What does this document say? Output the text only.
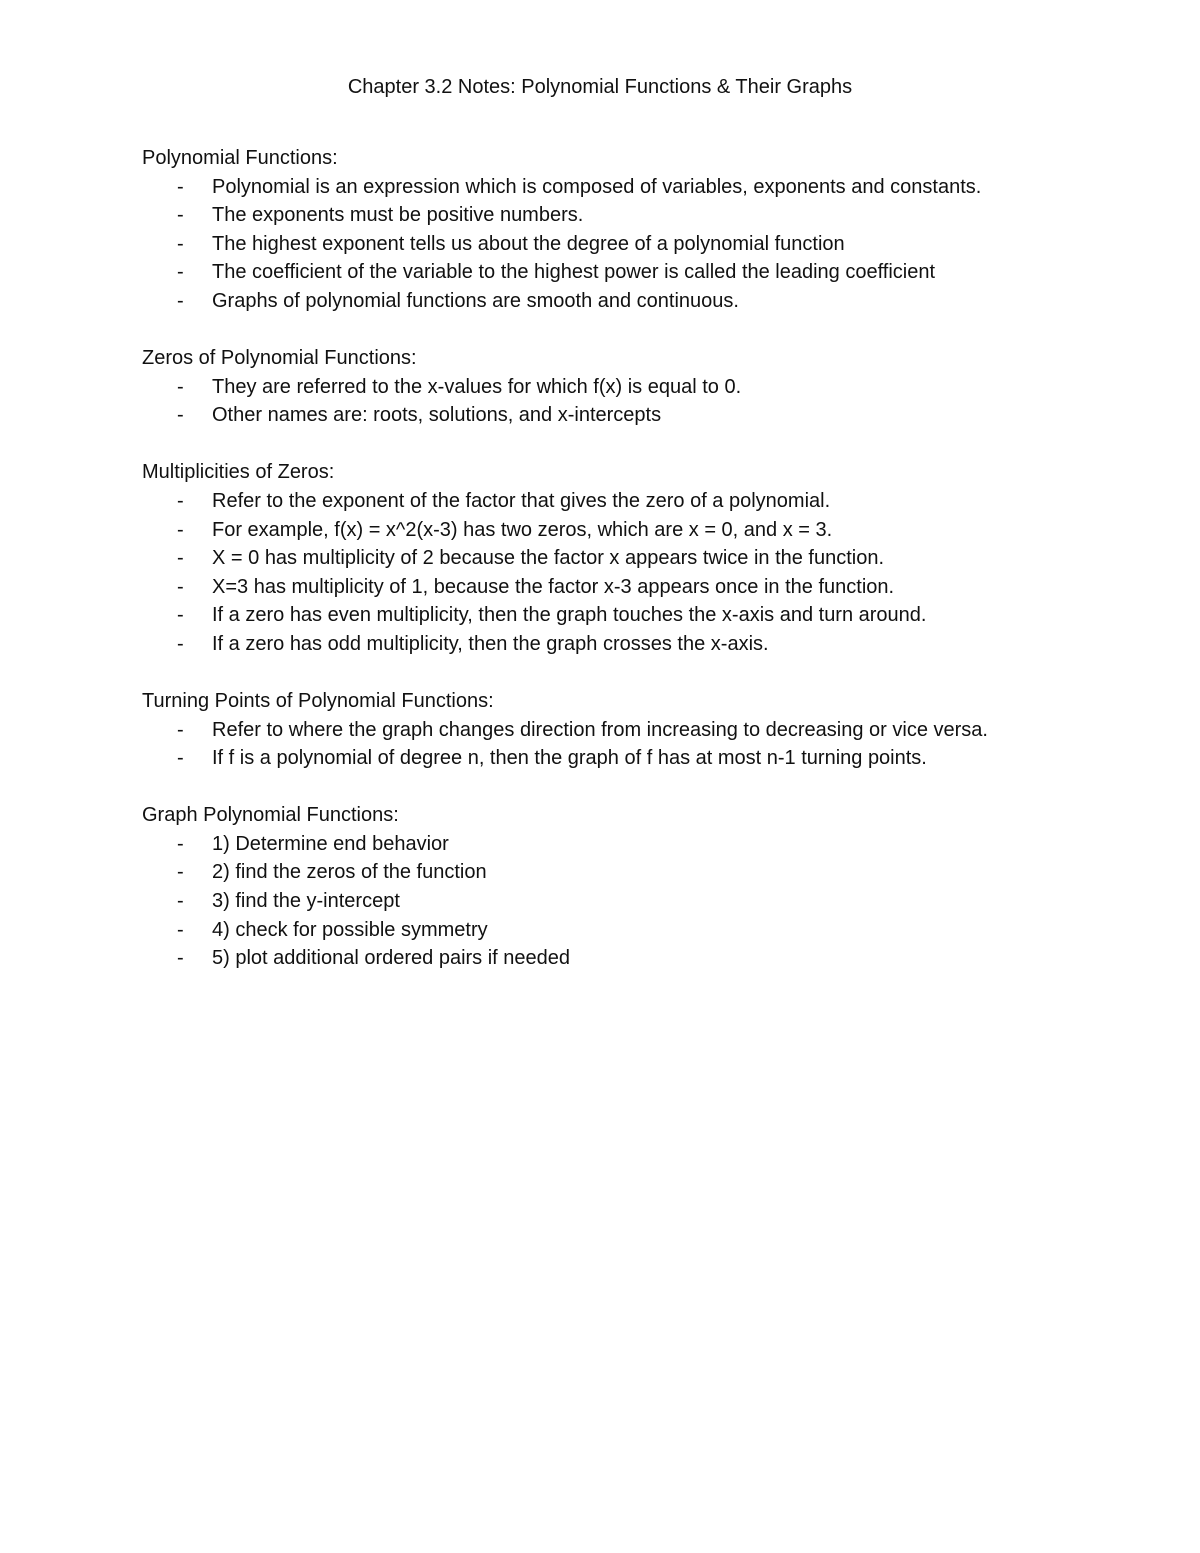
Chapter 3.2 Notes: Polynomial Functions & Their Graphs
Polynomial Functions:
- Polynomial is an expression which is composed of variables, exponents and constants.
- The exponents must be positive numbers.
- The highest exponent tells us about the degree of a polynomial function
- The coefficient of the variable to the highest power is called the leading coefficient
- Graphs of polynomial functions are smooth and continuous.
Zeros of Polynomial Functions:
- They are referred to the x-values for which f(x) is equal to 0.
- Other names are: roots, solutions, and x-intercepts
Multiplicities of Zeros:
- Refer to the exponent of the factor that gives the zero of a polynomial.
- For example, f(x) = x^2(x-3) has two zeros, which are x = 0, and x = 3.
- X = 0 has multiplicity of 2 because the factor x appears twice in the function.
- X=3 has multiplicity of 1, because the factor x-3 appears once in the function.
- If a zero has even multiplicity, then the graph touches the x-axis and turn around.
- If a zero has odd multiplicity, then the graph crosses the x-axis.
Turning Points of Polynomial Functions:
- Refer to where the graph changes direction from increasing to decreasing or vice versa.
- If f is a polynomial of degree n, then the graph of f has at most n-1 turning points.
Graph Polynomial Functions:
- 1) Determine end behavior
- 2) find the zeros of the function
- 3) find the y-intercept
- 4) check for possible symmetry
- 5) plot additional ordered pairs if needed
